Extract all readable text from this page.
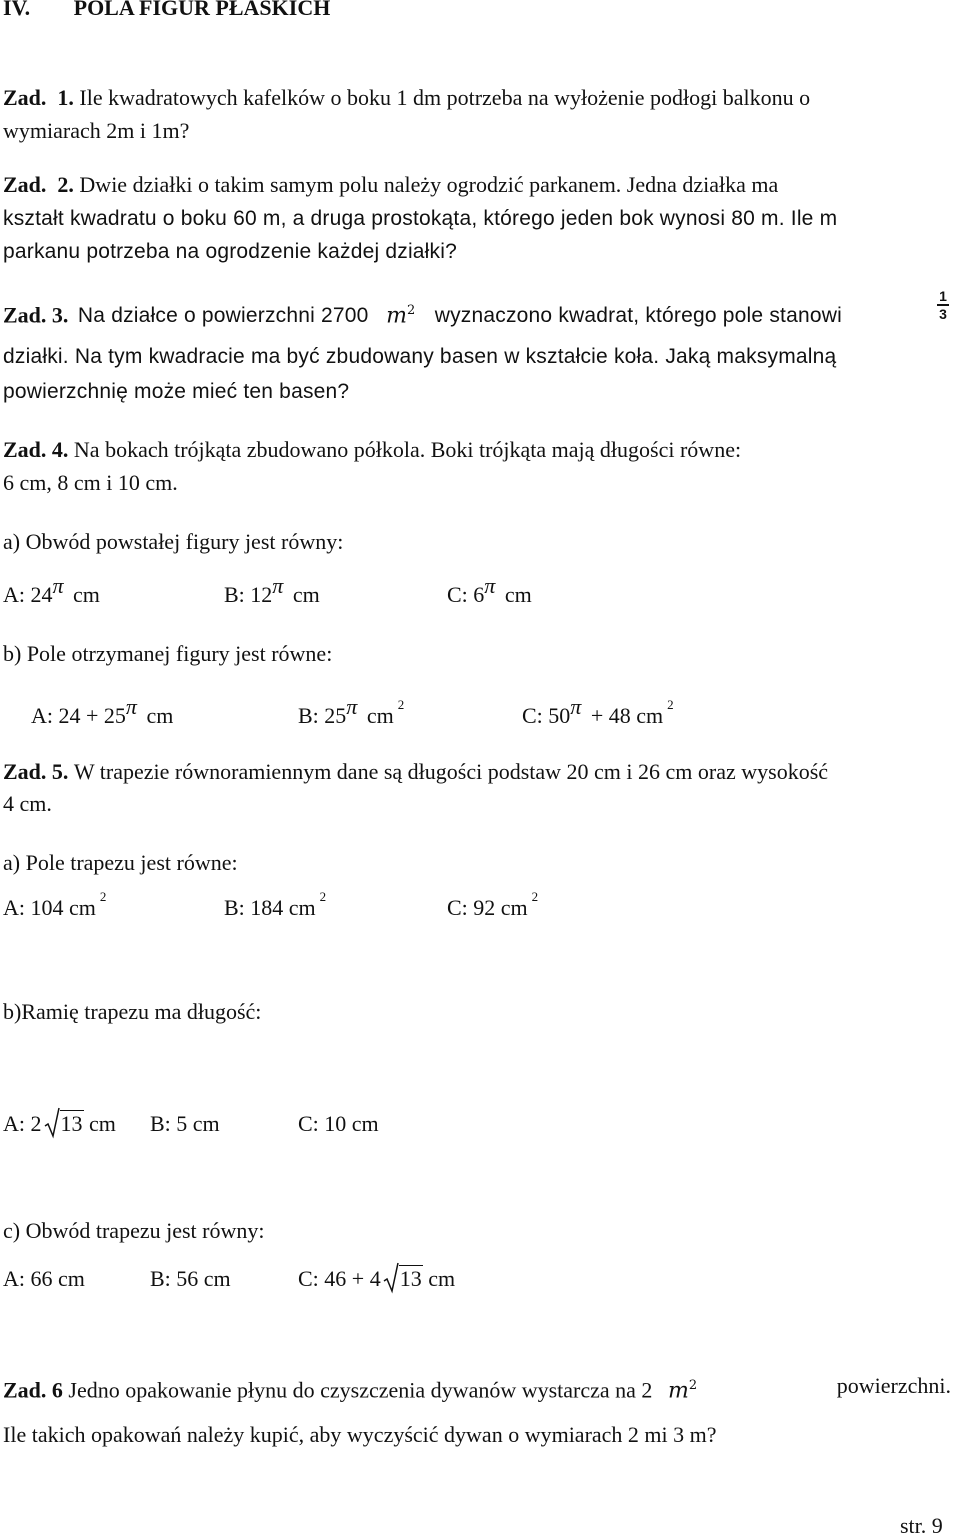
IV. POLA FIGUR PŁASKICH
Zad. 1. Ile kwadratowych kafelków o boku 1 dm potrzeba na wyłożenie podłogi balkonu o
wymiarach 2m i 1m?
Zad. 2. Dwie działki o takim samym polu należy ogrodzić parkanem. Jedna działka ma
kształt kwadratu o boku 60 m, a druga prostokąta, którego jeden bok wynosi 80 m. Ile m
parkanu potrzeba na ogrodzenie każdej działki?
Zad. 3. Na działce o powierzchni 2700 $m^2$ wyznaczono kwadrat, którego pole stanowi
1
3
działki. Na tym kwadracie ma być zbudowany basen w kształcie koła. Jaką maksymalną
powierzchnię może mieć ten basen?
Zad. 4. Na bokach trójkąta zbudowano półkola. Boki trójkąta mają długości równe:
6 cm, 8 cm i 10 cm.
a) Obwód powstałej figury jest równy:
A: 24π cm	B: 12π cm	C: 6π cm
b) Pole otrzymanej figury jest równe:
A: 24 + 25π cm	B: 25π cm $^2$	C: 50π + 48 cm $^2$
Zad. 5. W trapezie równoramiennym dane są długości podstaw 20 cm i 26 cm oraz wysokość
4 cm.
a) Pole trapezu jest równe:
A: 104 cm $^2$	B: 184 cm $^2$	C: 92 cm $^2$
b)Ramię trapezu ma długość:
A: 2 13 cm B: 5 cm	C: 10 cm
c) Obwód trapezu jest równy:
A: 66 cm	B: 56 cm	C: 46 + 4 13 cm
Zad. 6 Jedno opakowanie płynu do czyszczenia dywanów wystarcza na 2 $m^2$	powierzchni.
Ile takich opakowań należy kupić, aby wyczyścić dywan o wymiarach 2 mi 3 m?
str. 9
